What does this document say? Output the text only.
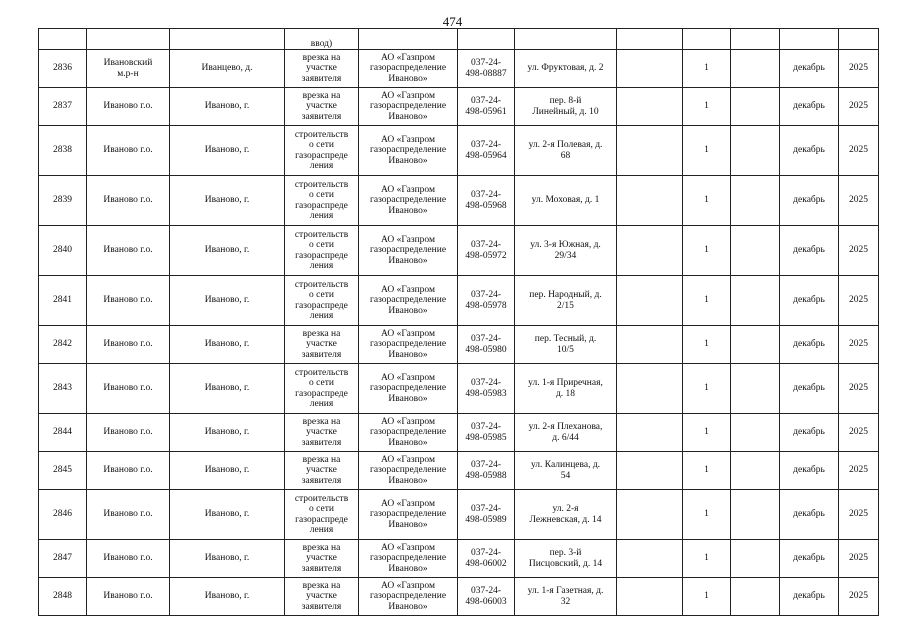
474
			ввод)								
2836	Ивановский
м.р-н	Иванцево, д.	врезка на
участке
заявителя	АО «Газпром
газораспределение
Иваново»	037-24-
498-08887	ул. Фруктовая, д. 2		1		декабрь	2025
2837	Иваново г.о.	Иваново, г.	врезка на
участке
заявителя	АО «Газпром
газораспределение
Иваново»	037-24-
498-05961	пер. 8-й
Линейный, д. 10		1		декабрь	2025
2838	Иваново г.о.	Иваново, г.	строительств
о сети
газораспреде
ления	АО «Газпром
газораспределение
Иваново»	037-24-
498-05964	ул. 2-я Полевая, д.
68		1		декабрь	2025
2839	Иваново г.о.	Иваново, г.	строительств
о сети
газораспреде
ления	АО «Газпром
газораспределение
Иваново»	037-24-
498-05968	ул. Моховая, д. 1		1		декабрь	2025
2840	Иваново г.о.	Иваново, г.	строительств
о сети
газораспреде
ления	АО «Газпром
газораспределение
Иваново»	037-24-
498-05972	ул. 3-я Южная, д.
29/34		1		декабрь	2025
2841	Иваново г.о.	Иваново, г.	строительств
о сети
газораспреде
ления	АО «Газпром
газораспределение
Иваново»	037-24-
498-05978	пер. Народный, д.
2/15		1		декабрь	2025
2842	Иваново г.о.	Иваново, г.	врезка на
участке
заявителя	АО «Газпром
газораспределение
Иваново»	037-24-
498-05980	пер. Тесный, д.
10/5		1		декабрь	2025
2843	Иваново г.о.	Иваново, г.	строительств
о сети
газораспреде
ления	АО «Газпром
газораспределение
Иваново»	037-24-
498-05983	ул. 1-я Приречная,
д. 18		1		декабрь	2025
2844	Иваново г.о.	Иваново, г.	врезка на
участке
заявителя	АО «Газпром
газораспределение
Иваново»	037-24-
498-05985	ул. 2-я Плеханова,
д. 6/44		1		декабрь	2025
2845	Иваново г.о.	Иваново, г.	врезка на
участке
заявителя	АО «Газпром
газораспределение
Иваново»	037-24-
498-05988	ул. Калинцева, д.
54		1		декабрь	2025
2846	Иваново г.о.	Иваново, г.	строительств
о сети
газораспреде
ления	АО «Газпром
газораспределение
Иваново»	037-24-
498-05989	ул. 2-я
Лежневская, д. 14		1		декабрь	2025
2847	Иваново г.о.	Иваново, г.	врезка на
участке
заявителя	АО «Газпром
газораспределение
Иваново»	037-24-
498-06002	пер. 3-й
Писцовский, д. 14		1		декабрь	2025
2848	Иваново г.о.	Иваново, г.	врезка на
участке
заявителя	АО «Газпром
газораспределение
Иваново»	037-24-
498-06003	ул. 1-я Газетная, д.
32		1		декабрь	2025
